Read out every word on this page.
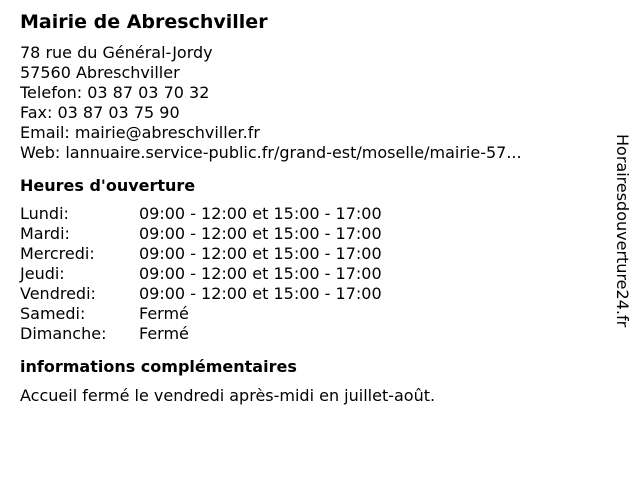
Mairie de Abreschviller
78 rue du Général-Jordy
57560 Abreschviller
Telefon: 03 87 03 70 32
Fax: 03 87 03 75 90
Email: mairie@abreschviller.fr
Web: lannuaire.service-public.fr/grand-est/moselle/mairie-57...
Heures d'ouverture
Lundi:	09:00 - 12:00 et 15:00 - 17:00
Mardi:	09:00 - 12:00 et 15:00 - 17:00
Mercredi:	09:00 - 12:00 et 15:00 - 17:00
Jeudi:	09:00 - 12:00 et 15:00 - 17:00
Vendredi:	09:00 - 12:00 et 15:00 - 17:00
Samedi:	Fermé
Dimanche:	Fermé
informations complémentaires
Accueil fermé le vendredi après-midi en juillet-août.
Horairesdouverture24.fr
